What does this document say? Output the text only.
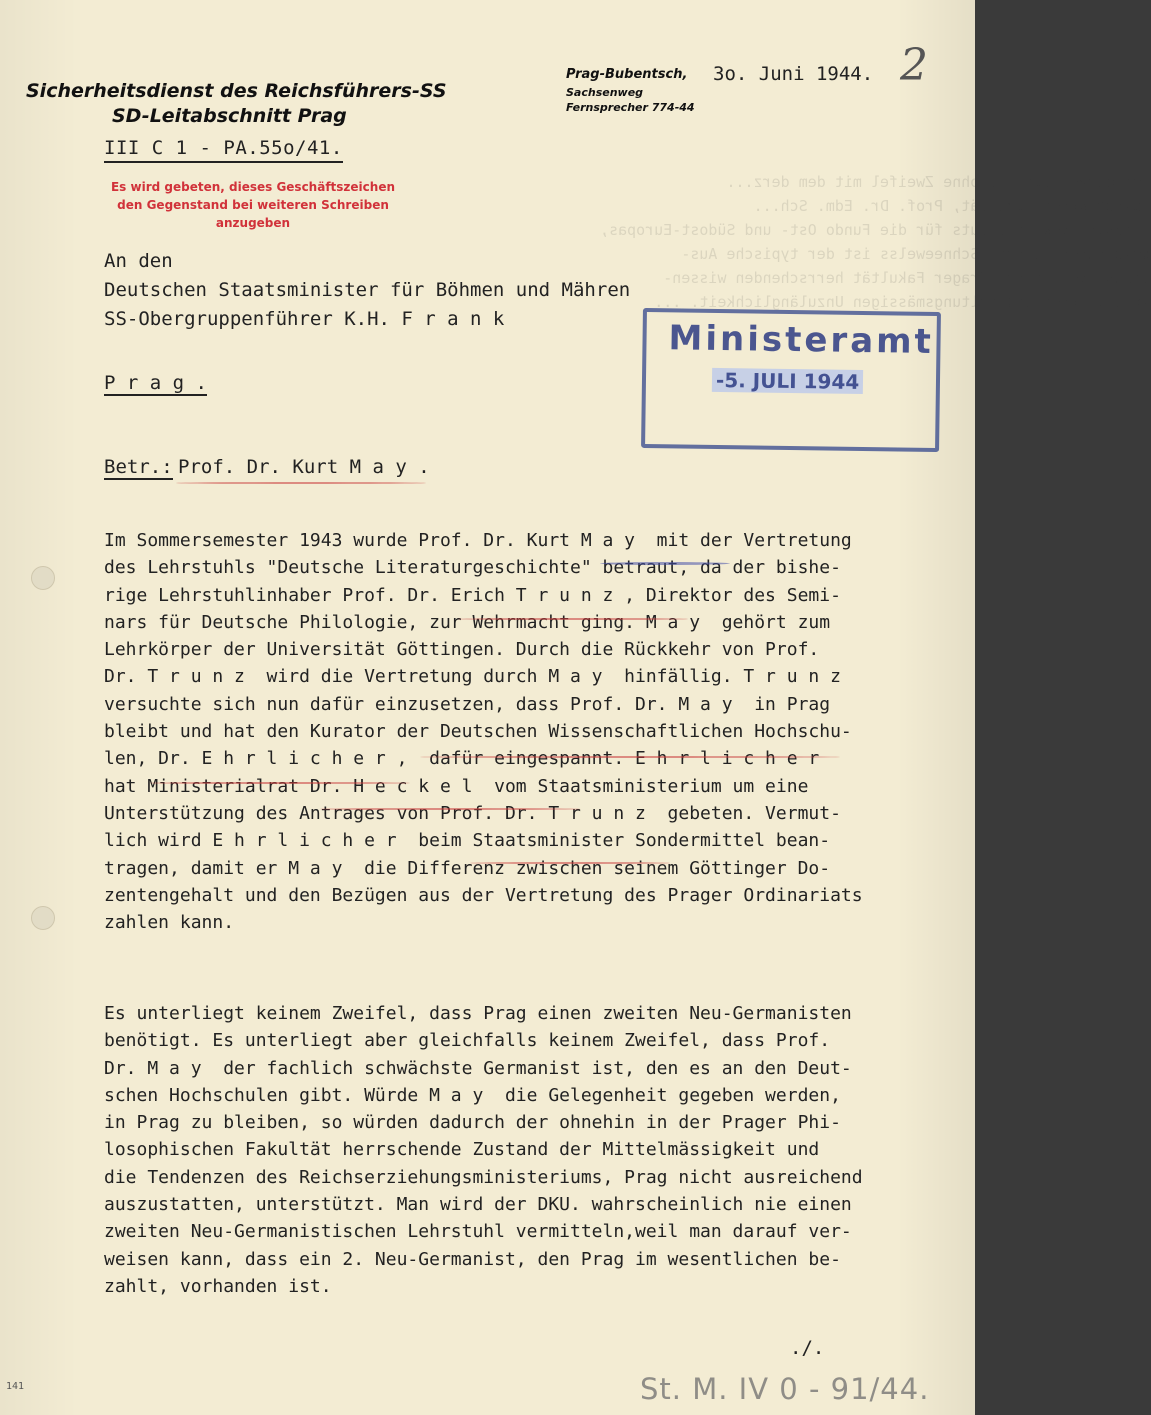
Der ganze Plan ist ohne Zweifel mit dem derz...
losophischen Fakultät, Prof. Dr. Edm. Sch...
Direktor des Instituts für die Fundo Ost- und Südost-Europas,
besprochen worden. Schneewelss ist der typische Aus-
druck, der in der Prager Fakultät herrschenden wissen-
schaftlichen und haltungsmässigen Unzulänglichkeit. ...
Sicherheitsdienst des Reichsführers-SS
SD-Leitabschnitt Prag
III C 1 - PA.55o/41.
Prag-Bubentsch,
Sachsenweg
Fernsprecher 774-44
3o. Juni 1944. 2
Es wird gebeten, dieses Geschäftszeichen
den Gegenstand bei weiteren Schreiben
anzugeben
Ministeramt
-5. JULI 1944
An den
Deutschen Staatsminister für Böhmen und Mähren
SS-Obergruppenführer K.H. F r a n k
P r a g .
Betr.: Prof. Dr. Kurt M a y .
Im Sommersemester 1943 wurde Prof. Dr. Kurt M a y  mit der Vertretung
des Lehrstuhls "Deutsche Literaturgeschichte" betraut, da der bishe-
rige Lehrstuhlinhaber Prof. Dr. Erich T r u n z , Direktor des Semi-
nars für Deutsche Philologie, zur Wehrmacht ging. M a y  gehört zum
Lehrkörper der Universität Göttingen. Durch die Rückkehr von Prof.
Dr. T r u n z  wird die Vertretung durch M a y  hinfällig. T r u n z
versuchte sich nun dafür einzusetzen, dass Prof. Dr. M a y  in Prag
bleibt und hat den Kurator der Deutschen Wissenschaftlichen Hochschu-
len, Dr. E h r l i c h e r ,  dafür eingespannt. E h r l i c h e r
hat Ministerialrat Dr. H e c k e l  vom Staatsministerium um eine
Unterstützung des Antrages von Prof. Dr. T r u n z  gebeten. Vermut-
lich wird E h r l i c h e r  beim Staatsminister Sondermittel bean-
tragen, damit er M a y  die Differenz zwischen seinem Göttinger Do-
zentengehalt und den Bezügen aus der Vertretung des Prager Ordinariats
zahlen kann.
Es unterliegt keinem Zweifel, dass Prag einen zweiten Neu-Germanisten
benötigt. Es unterliegt aber gleichfalls keinem Zweifel, dass Prof.
Dr. M a y  der fachlich schwächste Germanist ist, den es an den Deut-
schen Hochschulen gibt. Würde M a y  die Gelegenheit gegeben werden,
in Prag zu bleiben, so würden dadurch der ohnehin in der Prager Phi-
losophischen Fakultät herrschende Zustand der Mittelmässigkeit und
die Tendenzen des Reichserziehungsministeriums, Prag nicht ausreichend
auszustatten, unterstützt. Man wird der DKU. wahrscheinlich nie einen
zweiten Neu-Germanistischen Lehrstuhl vermitteln,weil man darauf ver-
weisen kann, dass ein 2. Neu-Germanist, den Prag im wesentlichen be-
zahlt, vorhanden ist.
./.
141	St. M. IV 0 - 91/44.
